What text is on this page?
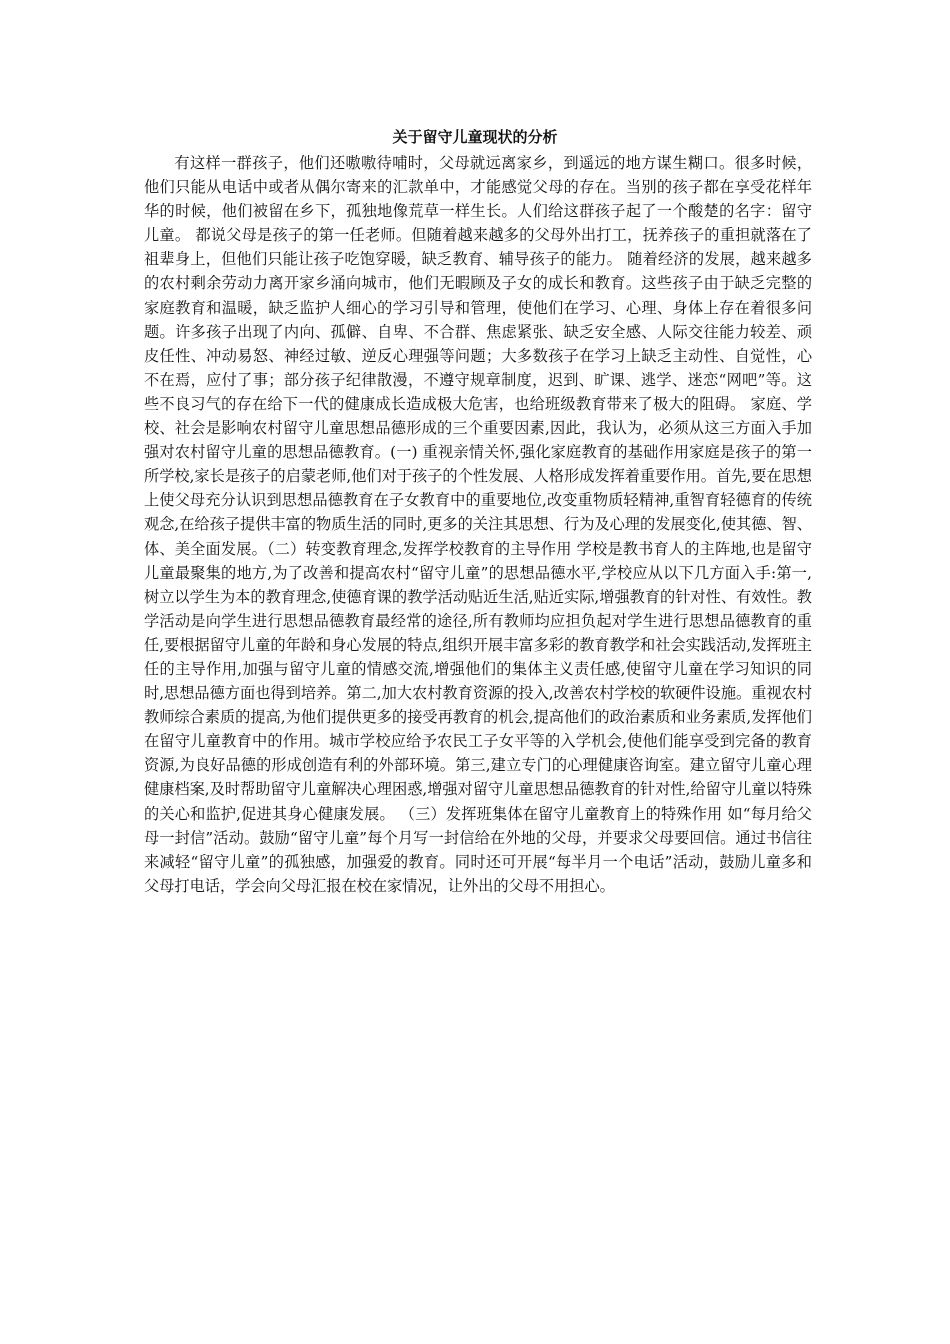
关于留守儿童现状的分析

有这样一群孩子，他们还嗷嗷待哺时，父母就远离家乡，到遥远的地方谋生糊口。很多时候，他们只能从电话中或者从偶尔寄来的汇款单中，才能感觉父母的存在。当别的孩子都在享受花样年华的时候，他们被留在乡下，孤独地像荒草一样生长。人们给这群孩子起了一个酸楚的名字：留守儿童。 都说父母是孩子的第一任老师。但随着越来越多的父母外出打工，抚养孩子的重担就落在了祖辈身上，但他们只能让孩子吃饱穿暖，缺乏教育、辅导孩子的能力。 随着经济的发展，越来越多的农村剩余劳动力离开家乡涌向城市，他们无暇顾及子女的成长和教育。这些孩子由于缺乏完整的家庭教育和温暖，缺乏监护人细心的学习引导和管理，使他们在学习、心理、身体上存在着很多问题。许多孩子出现了内向、孤僻、自卑、不合群、焦虑紧张、缺乏安全感、人际交往能力较差、顽皮任性、冲动易怒、神经过敏、逆反心理强等问题；大多数孩子在学习上缺乏主动性、自觉性，心不在焉，应付了事；部分孩子纪律散漫，不遵守规章制度，迟到、旷课、逃学、迷恋“网吧”等。这些不良习气的存在给下一代的健康成长造成极大危害，也给班级教育带来了极大的阻碍。 家庭、学校、社会是影响农村留守儿童思想品德形成的三个重要因素,因此，我认为，必须从这三方面入手加强对农村留守儿童的思想品德教育。(一) 重视亲情关怀,强化家庭教育的基础作用家庭是孩子的第一所学校,家长是孩子的启蒙老师,他们对于孩子的个性发展、人格形成发挥着重要作用。首先,要在思想上使父母充分认识到思想品德教育在子女教育中的重要地位,改变重物质轻精神,重智育轻德育的传统观念,在给孩子提供丰富的物质生活的同时,更多的关注其思想、行为及心理的发展变化,使其德、智、体、美全面发展。（二）转变教育理念,发挥学校教育的主导作用 学校是教书育人的主阵地,也是留守儿童最聚集的地方,为了改善和提高农村“留守儿童”的思想品德水平,学校应从以下几方面入手:第一,树立以学生为本的教育理念,使德育课的教学活动贴近生活,贴近实际,增强教育的针对性、有效性。教学活动是向学生进行思想品德教育最经常的途径,所有教师均应担负起对学生进行思想品德教育的重任,要根据留守儿童的年龄和身心发展的特点,组织开展丰富多彩的教育教学和社会实践活动,发挥班主任的主导作用,加强与留守儿童的情感交流,增强他们的集体主义责任感,使留守儿童在学习知识的同时,思想品德方面也得到培养。第二,加大农村教育资源的投入,改善农村学校的软硬件设施。重视农村教师综合素质的提高,为他们提供更多的接受再教育的机会,提高他们的政治素质和业务素质,发挥他们在留守儿童教育中的作用。城市学校应给予农民工子女平等的入学机会,使他们能享受到完备的教育资源,为良好品德的形成创造有利的外部环境。第三,建立专门的心理健康咨询室。建立留守儿童心理健康档案,及时帮助留守儿童解决心理困惑,增强对留守儿童思想品德教育的针对性,给留守儿童以特殊的关心和监护,促进其身心健康发展。 （三）发挥班集体在留守儿童教育上的特殊作用 如“每月给父母一封信”活动。鼓励“留守儿童”每个月写一封信给在外地的父母，并要求父母要回信。通过书信往来减轻“留守儿童”的孤独感，加强爱的教育。同时还可开展“每半月一个电话”活动，鼓励儿童多和父母打电话，学会向父母汇报在校在家情况，让外出的父母不用担心。
